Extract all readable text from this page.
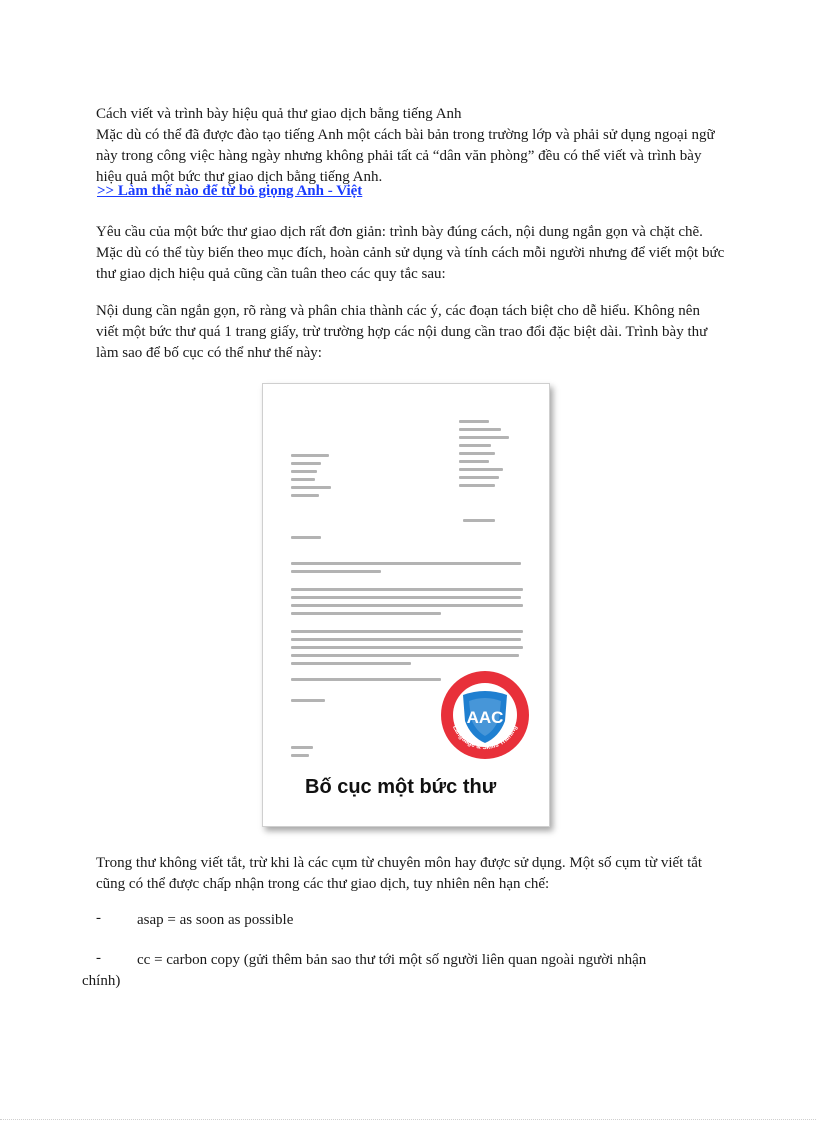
Cách viết và trình bày hiệu quả thư giao dịch bằng tiếng Anh

Mặc dù có thể đã được đào tạo tiếng Anh một cách bài bản trong trường lớp và phải sử dụng ngoại ngữ này trong công việc hàng ngày nhưng không phải tất cả “dân văn phòng” đều có thể viết và trình bày hiệu quả một bức thư giao dịch bằng tiếng Anh.

>> Làm thế nào để từ bỏ giọng Anh - Việt

Yêu cầu của một bức thư giao dịch rất đơn giản: trình bày đúng cách, nội dung ngắn gọn và chặt chẽ. Mặc dù có thể tùy biến theo mục đích, hoàn cảnh sử dụng và tính cách mỗi người nhưng để viết một bức thư giao dịch hiệu quả cũng cần tuân theo các quy tắc sau:

Nội dung cần ngắn gọn, rõ ràng và phân chia thành các ý, các đoạn tách biệt cho dễ hiểu. Không nên viết một bức thư quá 1 trang giấy, trừ trường hợp các nội dung cần trao đổi đặc biệt dài. Trình bày thư làm sao để bố cục có thể như thế này:

AAC
Language & Skills Training
Bố cục một bức thư

Trong thư không viết tắt, trừ khi là các cụm từ chuyên môn hay được sử dụng. Một số cụm từ viết tắt cũng có thể được chấp nhận trong các thư giao dịch, tuy nhiên nên hạn chế:

- asap = as soon as possible
- cc = carbon copy (gửi thêm bản sao thư tới một số người liên quan ngoài người nhận
chính)
